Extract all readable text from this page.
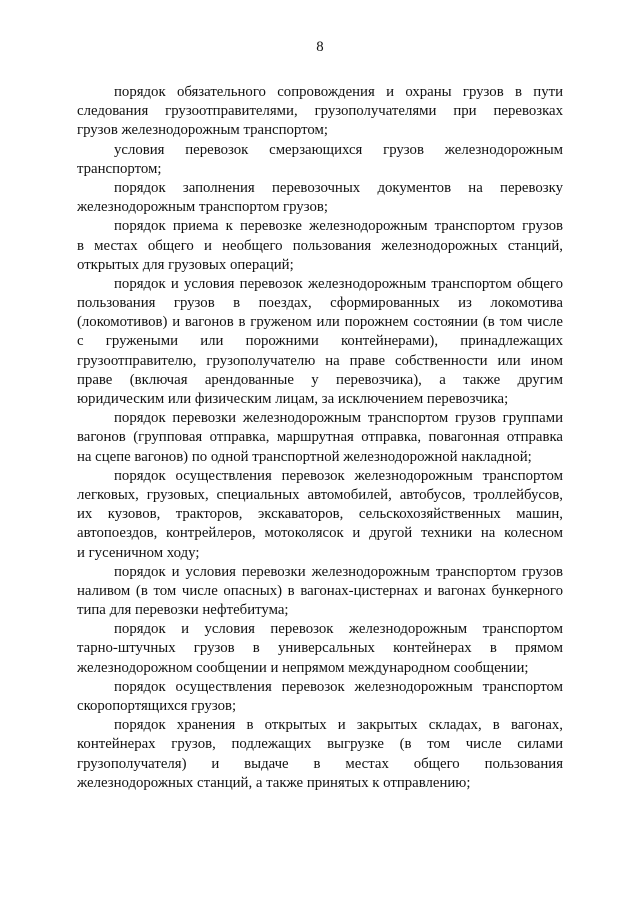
8
порядок обязательного сопровождения и охраны грузов в пути
следования грузоотправителями, грузополучателями при перевозках
грузов железнодорожным транспортом;
условия перевозок смерзающихся грузов железнодорожным
транспортом;
порядок заполнения перевозочных документов на перевозку
железнодорожным транспортом грузов;
порядок приема к перевозке железнодорожным транспортом грузов
в местах общего и необщего пользования железнодорожных станций,
открытых для грузовых операций;
порядок и условия перевозок железнодорожным транспортом общего
пользования грузов в поездах, сформированных из локомотива
(локомотивов) и вагонов в груженом или порожнем состоянии (в том числе
с гружеными или порожними контейнерами), принадлежащих
грузоотправителю, грузополучателю на праве собственности или ином
праве (включая арендованные у перевозчика), а также другим
юридическим или физическим лицам, за исключением перевозчика;
порядок перевозки железнодорожным транспортом грузов группами
вагонов (групповая отправка, маршрутная отправка, повагонная отправка
на сцепе вагонов) по одной транспортной железнодорожной накладной;
порядок осуществления перевозок железнодорожным транспортом
легковых, грузовых, специальных автомобилей, автобусов, троллейбусов,
их кузовов, тракторов, экскаваторов, сельскохозяйственных машин,
автопоездов, контрейлеров, мотоколясок и другой техники на колесном
и гусеничном ходу;
порядок и условия перевозки железнодорожным транспортом грузов
наливом (в том числе опасных) в вагонах-цистернах и вагонах бункерного
типа для перевозки нефтебитума;
порядок и условия перевозок железнодорожным транспортом
тарно-штучных грузов в универсальных контейнерах в прямом
железнодорожном сообщении и непрямом международном сообщении;
порядок осуществления перевозок железнодорожным транспортом
скоропортящихся грузов;
порядок хранения в открытых и закрытых складах, в вагонах,
контейнерах грузов, подлежащих выгрузке (в том числе силами
грузополучателя) и выдаче в местах общего пользования
железнодорожных станций, а также принятых к отправлению;
